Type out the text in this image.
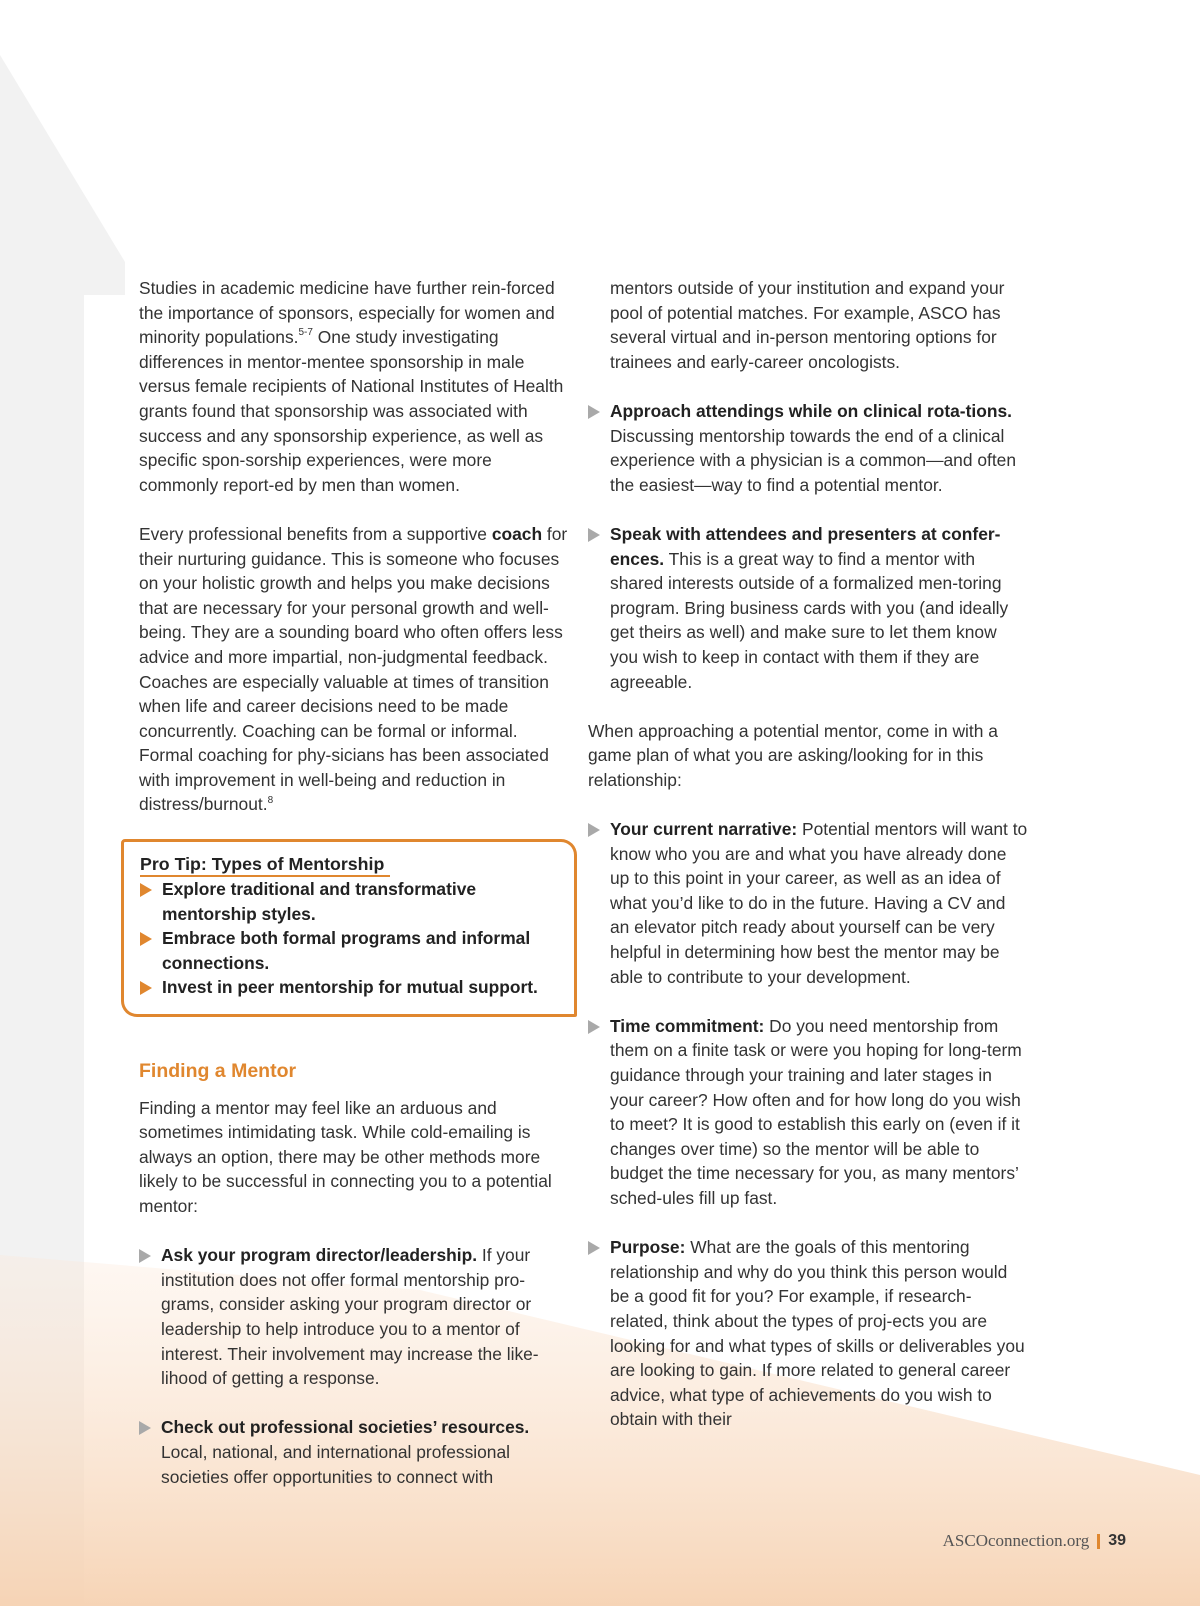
Studies in academic medicine have further rein-forced the importance of sponsors, especially for women and minority populations.$^{5-7}$ One study investigating differences in mentor-mentee sponsorship in male versus female recipients of National Institutes of Health grants found that sponsorship was associated with success and any sponsorship experience, as well as specific spon-sorship experiences, were more commonly report-ed by men than women.

Every professional benefits from a supportive coach for their nurturing guidance. This is someone who focuses on your holistic growth and helps you make decisions that are necessary for your personal growth and well-being. They are a sounding board who often offers less advice and more impartial, non-judgmental feedback. Coaches are especially valuable at times of transition when life and career decisions need to be made concurrently. Coaching can be formal or informal. Formal coaching for phy-sicians has been associated with improvement in well-being and reduction in distress/burnout.$^8$

Pro Tip: Types of Mentorship
Explore traditional and transformative mentorship styles.
Embrace both formal programs and informal connections.
Invest in peer mentorship for mutual support.
Finding a Mentor

Finding a mentor may feel like an arduous and sometimes intimidating task. While cold-emailing is always an option, there may be other methods more likely to be successful in connecting you to a potential mentor:

Ask your program director/leadership. If your institution does not offer formal mentorship pro-grams, consider asking your program director or leadership to help introduce you to a mentor of interest. Their involvement may increase the like-lihood of getting a response.
Check out professional societies’ resources. Local, national, and international professional societies offer opportunities to connect with

mentors outside of your institution and expand your pool of potential matches. For example, ASCO has several virtual and in-person mentoring options for trainees and early-career oncologists.

Approach attendings while on clinical rota-tions. Discussing mentorship towards the end of a clinical experience with a physician is a common—and often the easiest—way to find a potential mentor.
Speak with attendees and presenters at confer-ences. This is a great way to find a mentor with shared interests outside of a formalized men-toring program. Bring business cards with you (and ideally get theirs as well) and make sure to let them know you wish to keep in contact with them if they are agreeable.

When approaching a potential mentor, come in with a game plan of what you are asking/looking for in this relationship:

Your current narrative: Potential mentors will want to know who you are and what you have already done up to this point in your career, as well as an idea of what you’d like to do in the future. Having a CV and an elevator pitch ready about yourself can be very helpful in determining how best the mentor may be able to contribute to your development.
Time commitment: Do you need mentorship from them on a finite task or were you hoping for long-term guidance through your training and later stages in your career? How often and for how long do you wish to meet? It is good to establish this early on (even if it changes over time) so the mentor will be able to budget the time necessary for you, as many mentors’ sched-ules fill up fast.
Purpose: What are the goals of this mentoring relationship and why do you think this person would be a good fit for you? For example, if research-related, think about the types of proj-ects you are looking for and what types of skills or deliverables you are looking to gain. If more related to general career advice, what type of achievements do you wish to obtain with their
ASCOconnection.org 39
